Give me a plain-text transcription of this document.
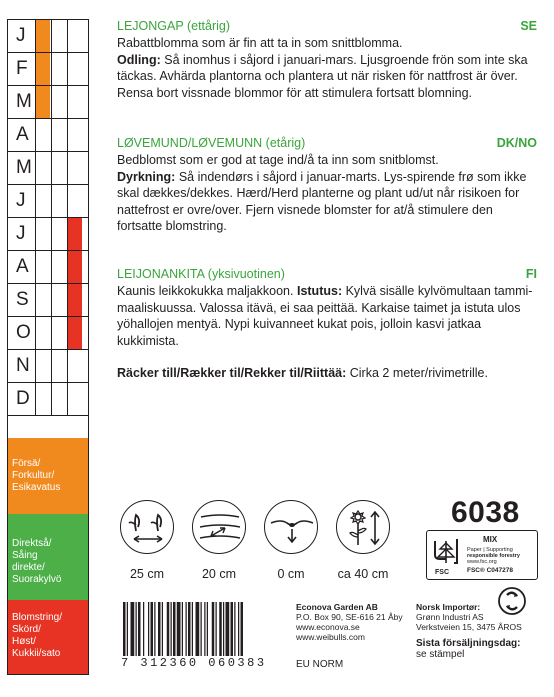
J
F
M
A
M
J
J
A
S
O
N
D
Försä/
Forkultur/
Esikavatus
Direktså/
Såing
direkte/
Suorakylvö
Blomstring/
Skörd/
Høst/
Kukkii/sato
LEJONGAP (ettårig)	SE

Rabattblomma som är fin att ta in som snittblomma.

Odling: Så inomhus i såjord i januari-mars. Ljusgroende frön som inte ska täckas. Avhärda plantorna och plantera ut när risken för nattfrost är över. Rensa bort vissnade blommor för att stimulera fortsatt blomning.

LØVEMUND/LØVEMUNN (etårig)	DK/NO

Bedblomst som er god at tage ind/å ta inn som snitblomst.

Dyrkning: Så indendørs i såjord i januar-marts. Lys-spirende frø som ikke skal dækkes/dekkes. Hærd/Herd planterne og plant ud/ut når risikoen for nattefrost er ovre/over. Fjern visnede blomster for at/å stimulere den fortsatte blomstring.

LEIJONANKITA (yksivuotinen)	FI

Kaunis leikkokukka maljakkoon. Istutus: Kylvä sisälle kylvömultaan tammi-maaliskuussa. Valossa itävä, ei saa peittää. Karkaise taimet ja istuta ulos yöhallojen mentyä. Nypi kuivanneet kukat pois, jolloin kasvi jatkaa kukkimista.

Räcker till/Rækker til/Rekker til/Riittää: Cirka 2 meter/rivimetrille.
25 cm	20 cm	0 cm	ca 40 cm
6038
FSC
MIX
Paper | Supporting
responsible forestry
www.fsc.org
FSC® C047278
7 312360 060383
Econova Garden AB
P.O. Box 90, SE-616 21 Åby
www.econova.se
www.weibulls.com
EU NORM
Norsk Importør:
Grønn Industri AS
Verkstveien 15, 3475 ÅROS
Sista försäljningsdag:
se stämpel
